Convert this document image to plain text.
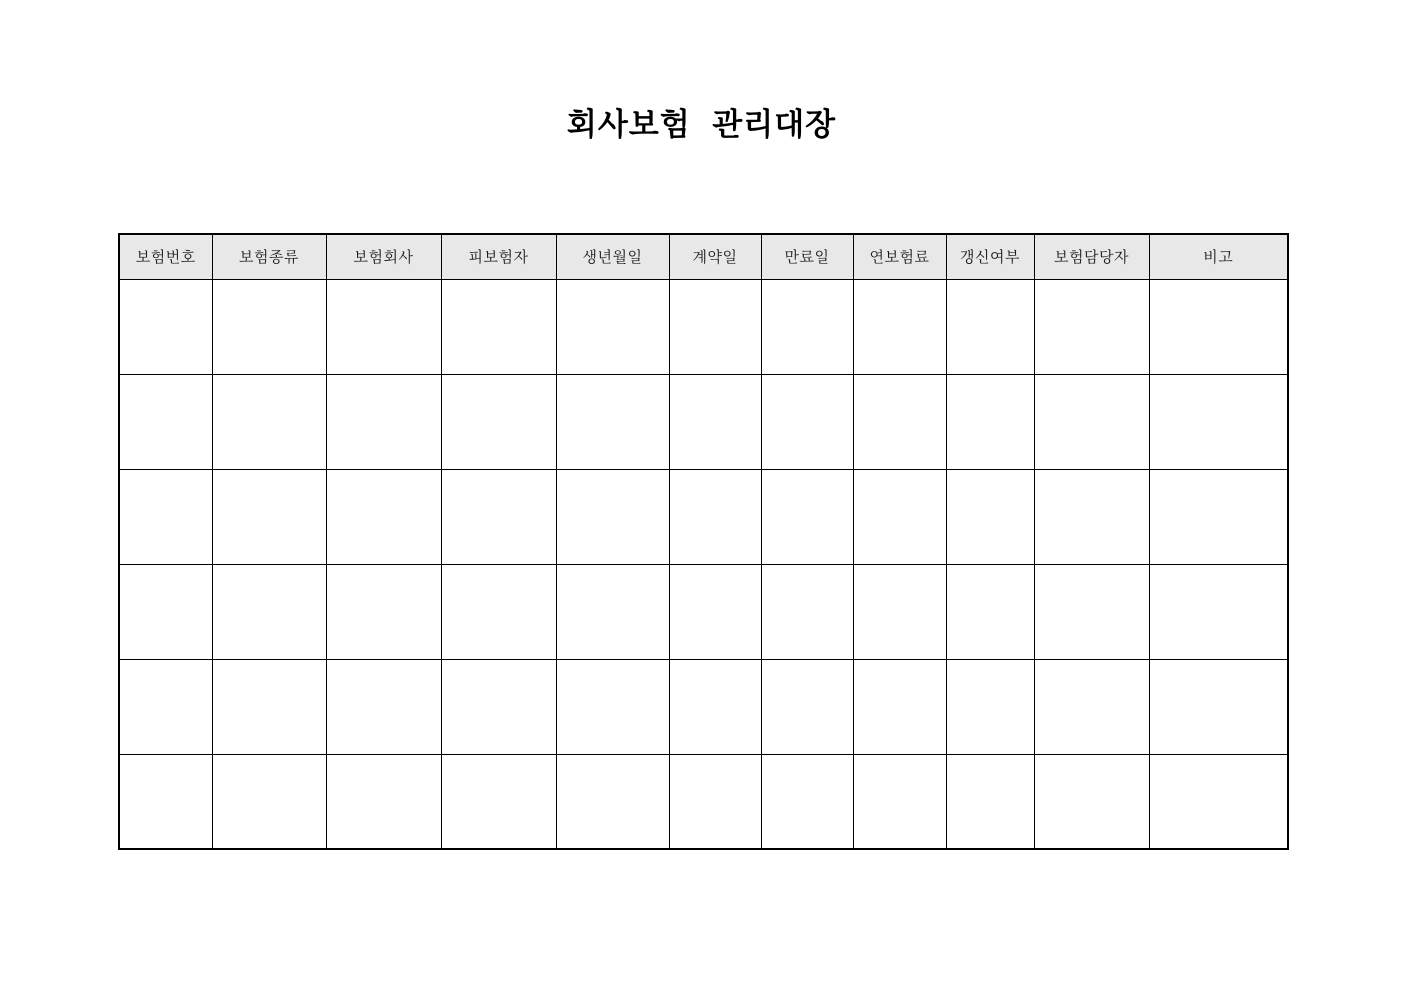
회사보험 관리대장
보험번호	보험종류	보험회사	피보험자	생년월일	계약일	만료일	연보험료	갱신여부	보험담당자	비고
